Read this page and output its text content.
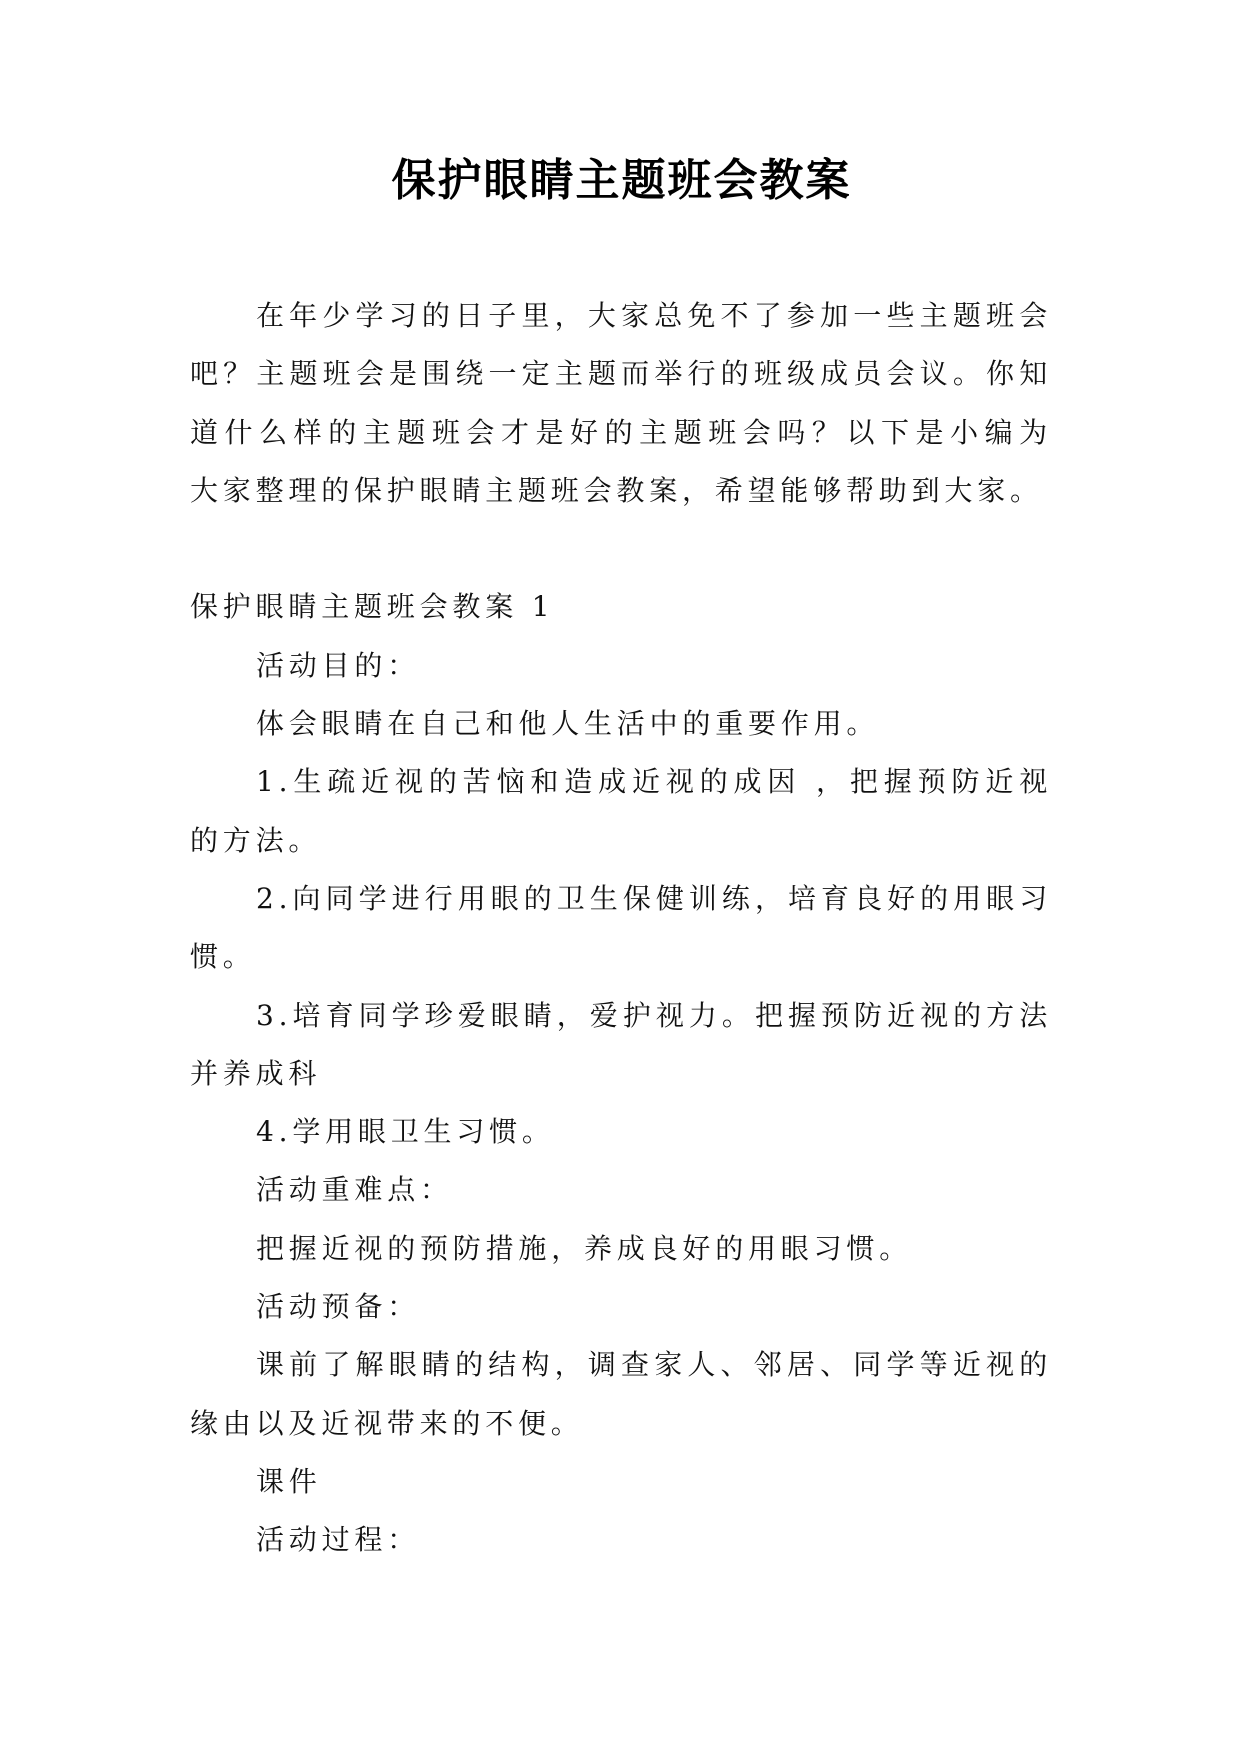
保护眼睛主题班会教案
在年少学习的日子里，大家总免不了参加一些主题班会
吧？主题班会是围绕一定主题而举行的班级成员会议。你知
道什么样的主题班会才是好的主题班会吗？以下是小编为
大家整理的保护眼睛主题班会教案，希望能够帮助到大家。
保护眼睛主题班会教案 1
活动目的：
体会眼睛在自己和他人生活中的重要作用。
1.生疏近视的苦恼和造成近视的成因 ，把握预防近视
的方法。
2.向同学进行用眼的卫生保健训练，培育良好的用眼习
惯。
3.培育同学珍爱眼睛，爱护视力。把握预防近视的方法
并养成科
4.学用眼卫生习惯。
活动重难点：
把握近视的预防措施，养成良好的用眼习惯。
活动预备：
课前了解眼睛的结构，调查家人、邻居、同学等近视的
缘由以及近视带来的不便。
课件
活动过程：
